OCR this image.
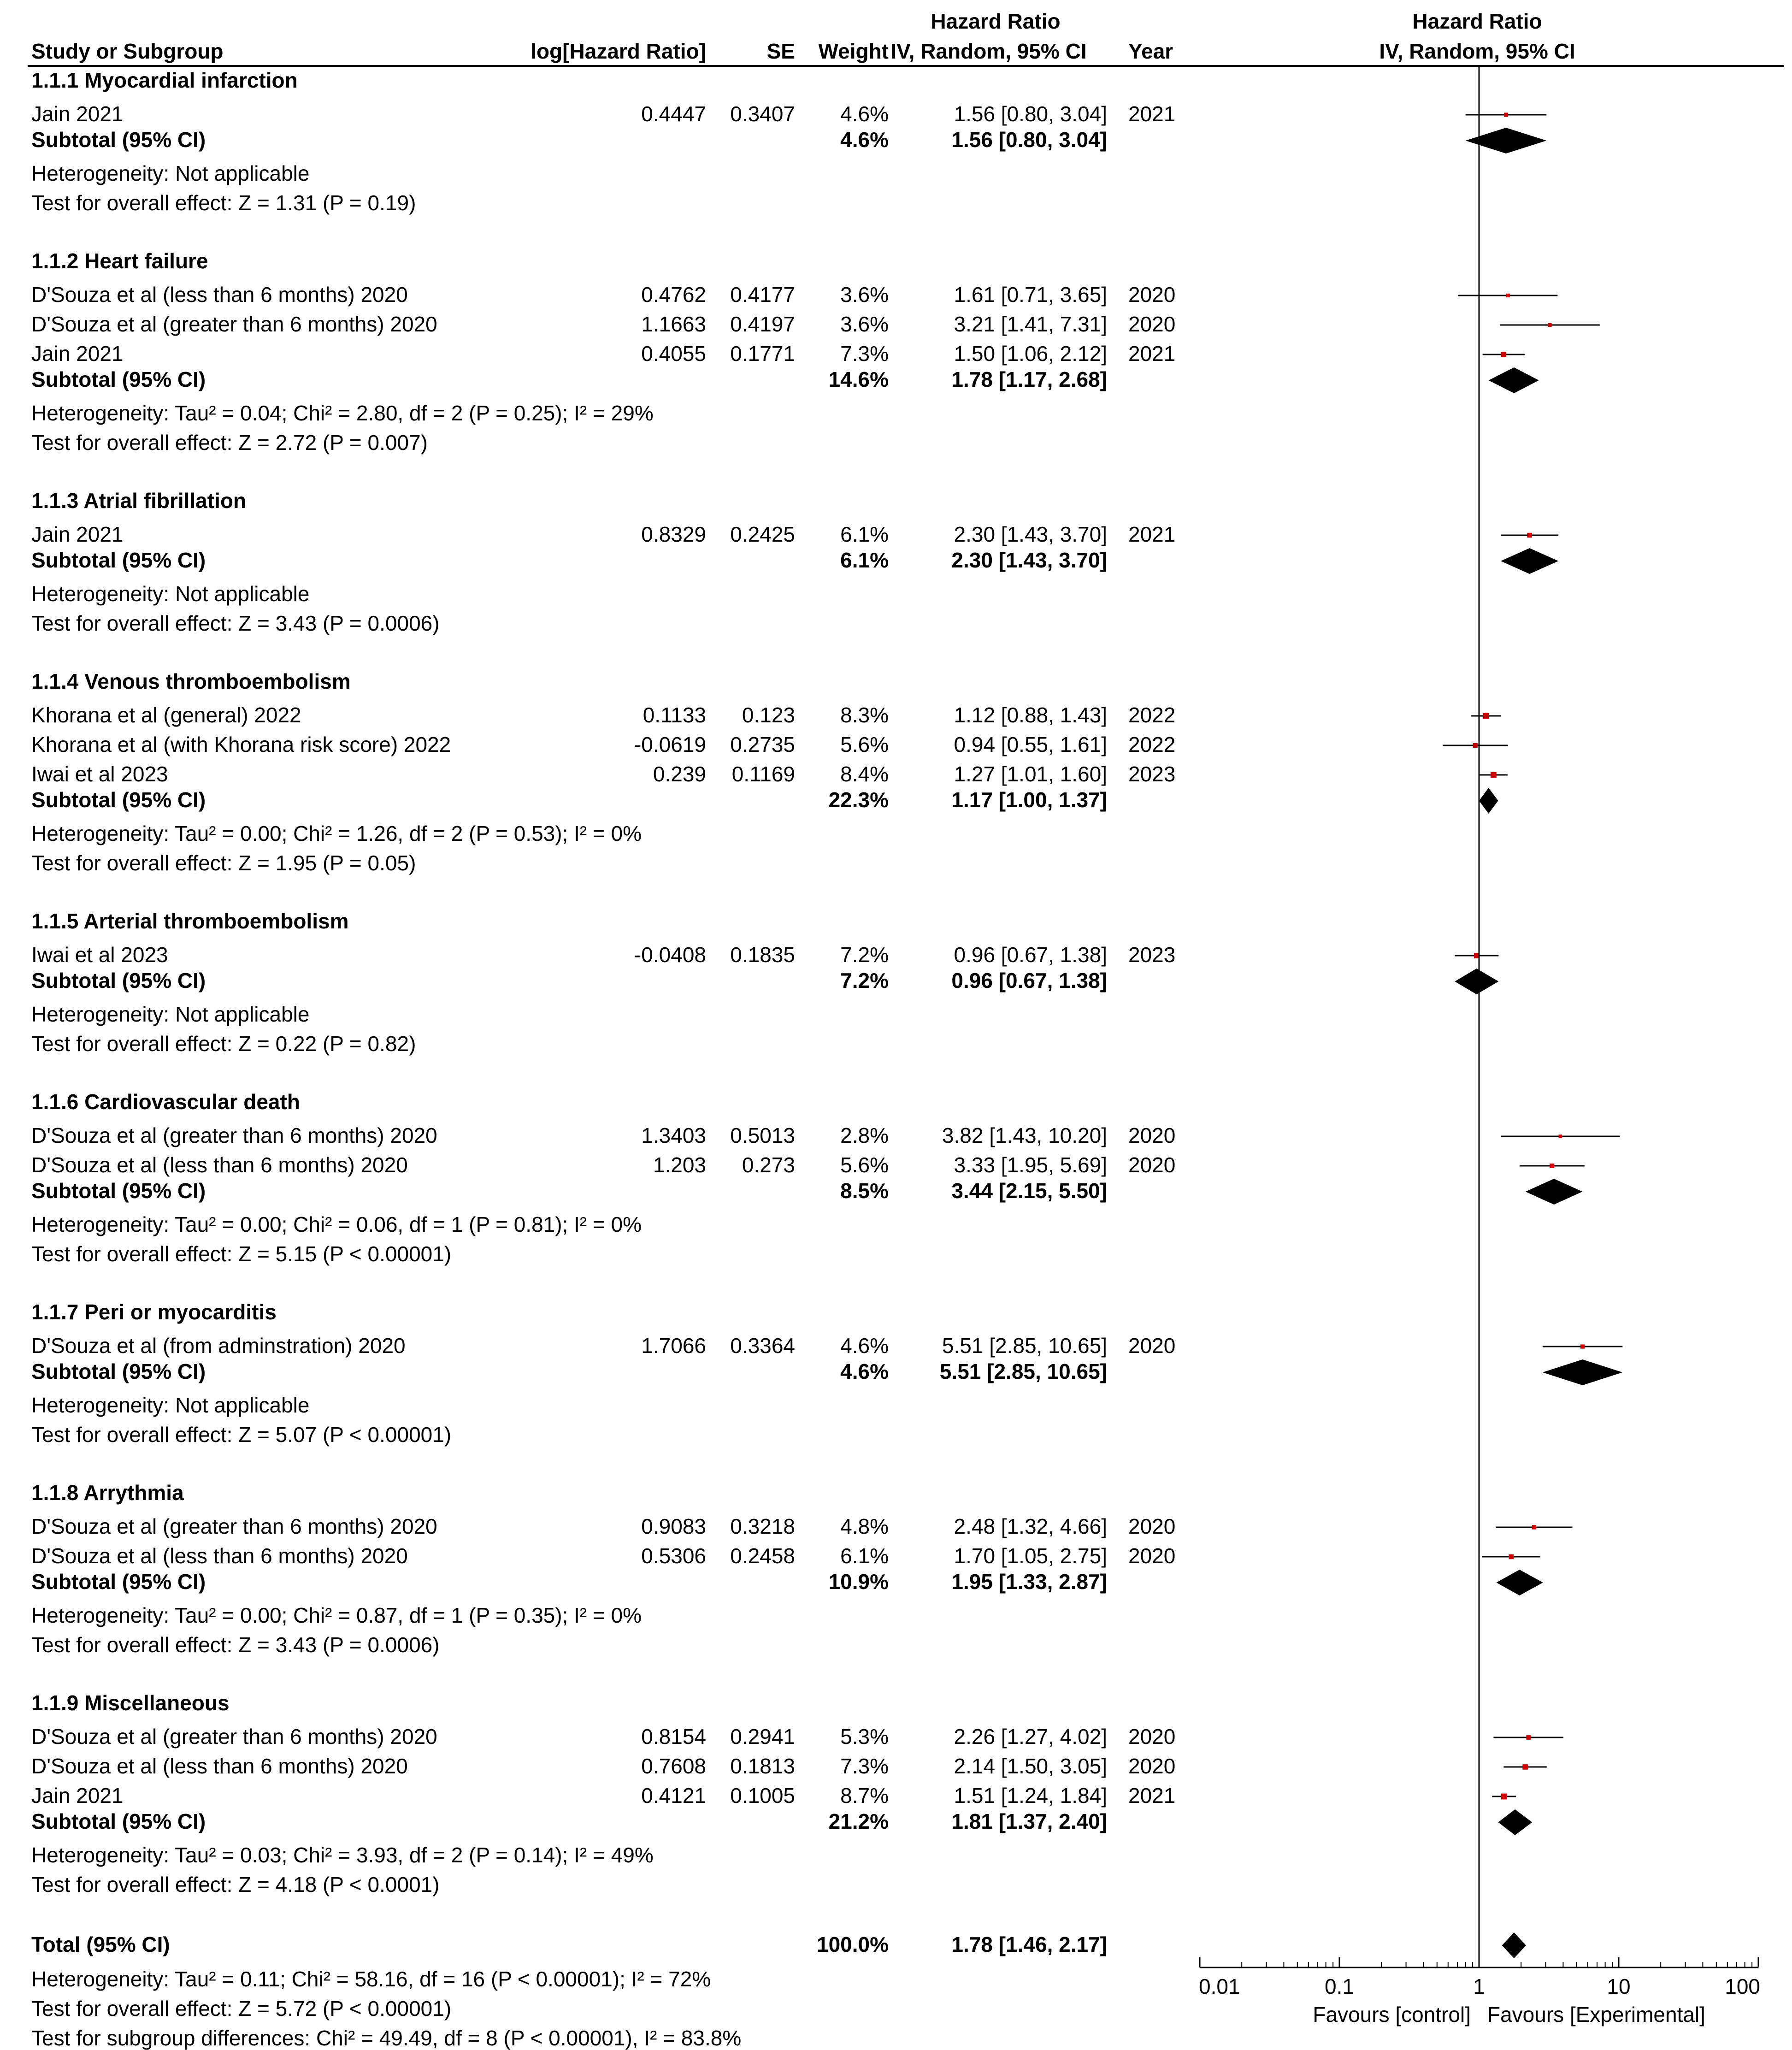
Study or Subgroup	log[Hazard Ratio]	SE Weight
Hazard Ratio
IV, Random, 95% CI Year
Hazard Ratio
IV, Random, 95% CI
1.1.1 Myocardial infarction
Jain 2021	0.4447 0.3407 4.6%	1.56 [0.80, 3.04] 2021
Subtotal (95% CI)	4.6%	1.56 [0.80, 3.04]
Heterogeneity: Not applicable
Test for overall effect: Z = 1.31 (P = 0.19)
1.1.2 Heart failure
D'Souza et al (less than 6 months) 2020	0.4762 0.4177 3.6%	1.61 [0.71, 3.65] 2020
D'Souza et al (greater than 6 months) 2020	1.1663 0.4197 3.6%	3.21 [1.41, 7.31] 2020
Jain 2021	0.4055 0.1771 7.3%	1.50 [1.06, 2.12] 2021
Subtotal (95% CI)	14.6%	1.78 [1.17, 2.68]
Heterogeneity: Tau² = 0.04; Chi² = 2.80, df = 2 (P = 0.25); I² = 29%
Test for overall effect: Z = 2.72 (P = 0.007)
1.1.3 Atrial fibrillation
Jain 2021	0.8329 0.2425 6.1%	2.30 [1.43, 3.70] 2021
Subtotal (95% CI)	6.1%	2.30 [1.43, 3.70]
Heterogeneity: Not applicable
Test for overall effect: Z = 3.43 (P = 0.0006)
1.1.4 Venous thromboembolism
Khorana et al (general) 2022	0.1133 0.123 8.3%	1.12 [0.88, 1.43] 2022
Khorana et al (with Khorana risk score) 2022	-0.0619 0.2735 5.6%	0.94 [0.55, 1.61] 2022
Iwai et al 2023	0.239 0.1169 8.4%	1.27 [1.01, 1.60] 2023
Subtotal (95% CI)	22.3%	1.17 [1.00, 1.37]
Heterogeneity: Tau² = 0.00; Chi² = 1.26, df = 2 (P = 0.53); I² = 0%
Test for overall effect: Z = 1.95 (P = 0.05)
1.1.5 Arterial thromboembolism
Iwai et al 2023	-0.0408 0.1835 7.2%	0.96 [0.67, 1.38] 2023
Subtotal (95% CI)	7.2%	0.96 [0.67, 1.38]
Heterogeneity: Not applicable
Test for overall effect: Z = 0.22 (P = 0.82)
1.1.6 Cardiovascular death
D'Souza et al (greater than 6 months) 2020	1.3403 0.5013 2.8%	3.82 [1.43, 10.20] 2020
D'Souza et al (less than 6 months) 2020	1.203 0.273 5.6%	3.33 [1.95, 5.69] 2020
Subtotal (95% CI)	8.5%	3.44 [2.15, 5.50]
Heterogeneity: Tau² = 0.00; Chi² = 0.06, df = 1 (P = 0.81); I² = 0%
Test for overall effect: Z = 5.15 (P < 0.00001)
1.1.7 Peri or myocarditis
D'Souza et al (from adminstration) 2020	1.7066 0.3364 4.6%	5.51 [2.85, 10.65] 2020
Subtotal (95% CI)	4.6% 5.51 [2.85, 10.65]
Heterogeneity: Not applicable
Test for overall effect: Z = 5.07 (P < 0.00001)
1.1.8 Arrythmia
D'Souza et al (greater than 6 months) 2020	0.9083 0.3218 4.8%	2.48 [1.32, 4.66] 2020
D'Souza et al (less than 6 months) 2020	0.5306 0.2458 6.1%	1.70 [1.05, 2.75] 2020
Subtotal (95% CI)	10.9%	1.95 [1.33, 2.87]
Heterogeneity: Tau² = 0.00; Chi² = 0.87, df = 1 (P = 0.35); I² = 0%
Test for overall effect: Z = 3.43 (P = 0.0006)
1.1.9 Miscellaneous
D'Souza et al (greater than 6 months) 2020	0.8154 0.2941 5.3%	2.26 [1.27, 4.02] 2020
D'Souza et al (less than 6 months) 2020	0.7608 0.1813 7.3%	2.14 [1.50, 3.05] 2020
Jain 2021	0.4121 0.1005 8.7%	1.51 [1.24, 1.84] 2021
Subtotal (95% CI)	21.2%	1.81 [1.37, 2.40]
Heterogeneity: Tau² = 0.03; Chi² = 3.93, df = 2 (P = 0.14); I² = 49%
Test for overall effect: Z = 4.18 (P < 0.0001)
Total (95% CI)	100.0%	1.78 [1.46, 2.17]
Heterogeneity: Tau² = 0.11; Chi² = 58.16, df = 16 (P < 0.00001); I² = 72%
Test for overall effect: Z = 5.72 (P < 0.00001)
Test for subgroup differences: Chi² = 49.49, df = 8 (P < 0.00001), I² = 83.8%
0.01	0.1	1	10	100
Favours [control] Favours [Experimental]
